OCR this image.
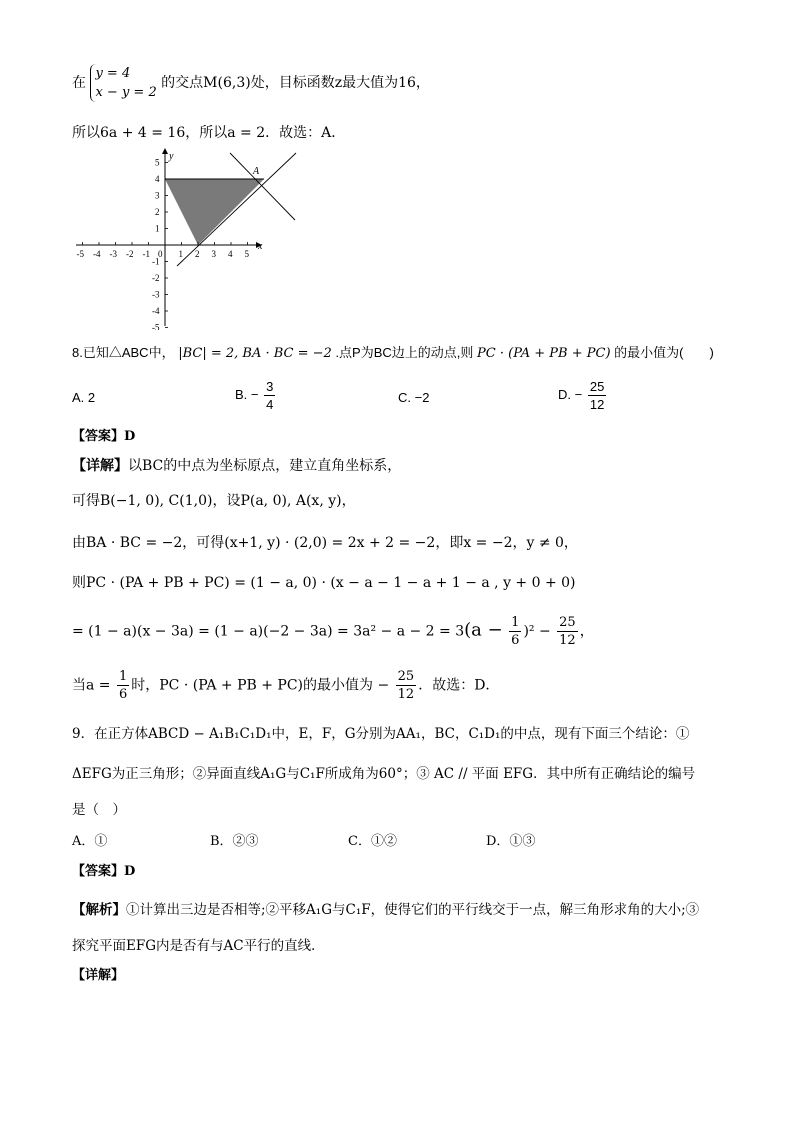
在
y = 4
x − y = 2
的交点M(6,3)处，目标函数z最大值为16，
所以6a + 4 = 16，所以a = 2．故选：A．
-5 -4 -3 -2 -1 0 1 2 3 4 5
5
4
3
2
1
-1
-2
-3
-4
-5
x
y
A
8.已知△ABC中， |BC| = 2, BA · BC = −2 .点P为BC边上的动点,则 PC · (PA + PB + PC) 的最小值为(　　)
A. 2	B. − $\frac{3}{4}$	C. −2	D. − $\frac{25}{12}$
【答案】D
【详解】以BC的中点为坐标原点，建立直角坐标系，
可得B(−1, 0), C(1,0)，设P(a, 0), A(x, y)，
由BA · BC = −2，可得(x+1, y) · (2,0) = 2x + 2 = −2，即x = −2，y ≠ 0，
则PC · (PA + PB + PC) = (1 − a, 0) · (x − a − 1 − a + 1 − a , y + 0 + 0)
= $(1 - a)(x - 3a) = (1 - a)(-2 - 3a) = 3a^2 - a - 2 = 3(a - \frac{1}{6} )^2 - \frac{25}{12}$ ，
当$a = \frac{1}{6}$ 时，PC · (PA + PB + PC)的最小值为 − $\frac{25}{12}$ ．故选：D．
9．在正方体ABCD − A₁B₁C₁D₁中，E，F，G分别为AA₁，BC，C₁D₁的中点，现有下面三个结论：①
ΔEFG为正三角形；②异面直线A₁G与C₁F所成角为60°；③ AC // 平面 EFG．其中所有正确结论的编号
是（　）
A．①	B．②③	C．①②	D．①③
【答案】D
【解析】①计算出三边是否相等;②平移A₁G与C₁F，使得它们的平行线交于一点，解三角形求角的大小;③
探究平面EFG内是否有与AC平行的直线．
【详解】
